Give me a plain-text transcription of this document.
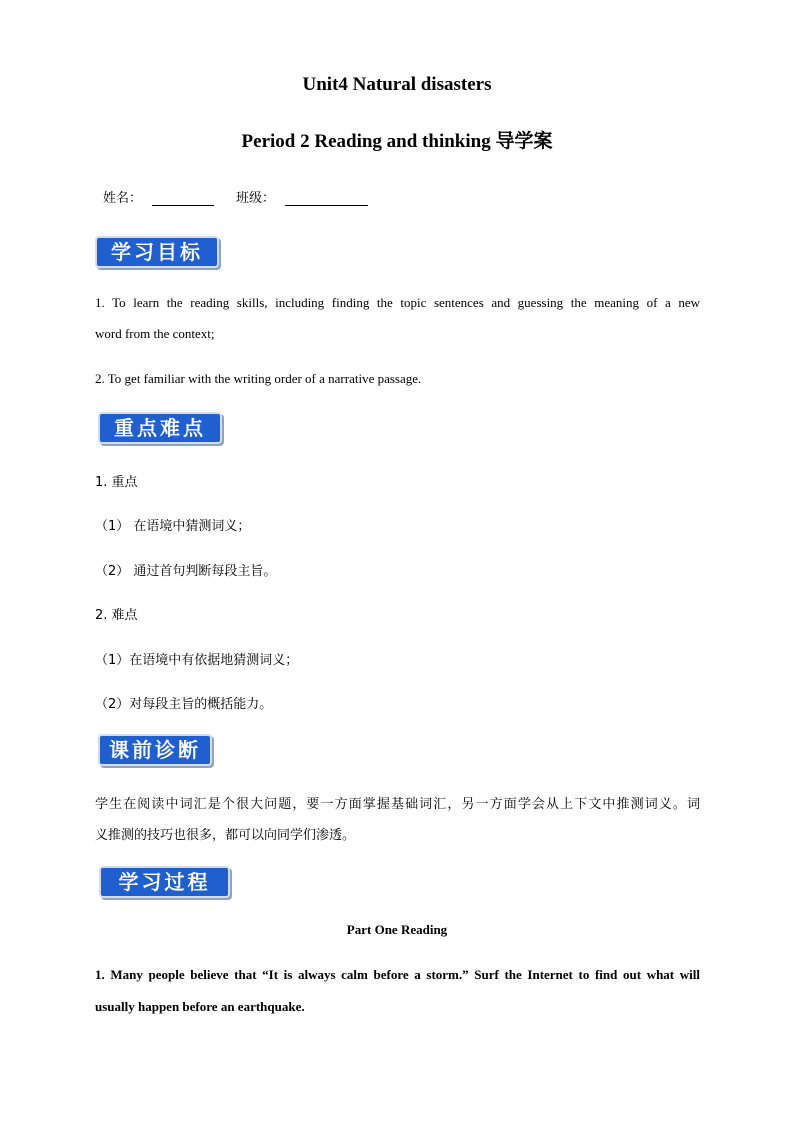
Unit4 Natural disasters
Period 2 Reading and thinking 导学案
姓名：	班级：
学习目标
1. To learn the reading skills, including finding the topic sentences and guessing the meaning of a new
word from the context;
2. To get familiar with the writing order of a narrative passage.
重点难点
1. 重点
（1） 在语境中猜测词义；
（2） 通过首句判断每段主旨。
2. 难点
（1）在语境中有依据地猜测词义；
（2）对每段主旨的概括能力。
课前诊断
学生在阅读中词汇是个很大问题，要一方面掌握基础词汇，另一方面学会从上下文中推测词义。词
义推测的技巧也很多，都可以向同学们渗透。
学习过程
Part One Reading
1. Many people believe that “It is always calm before a storm.” Surf the Internet to find out what will
usually happen before an earthquake.
